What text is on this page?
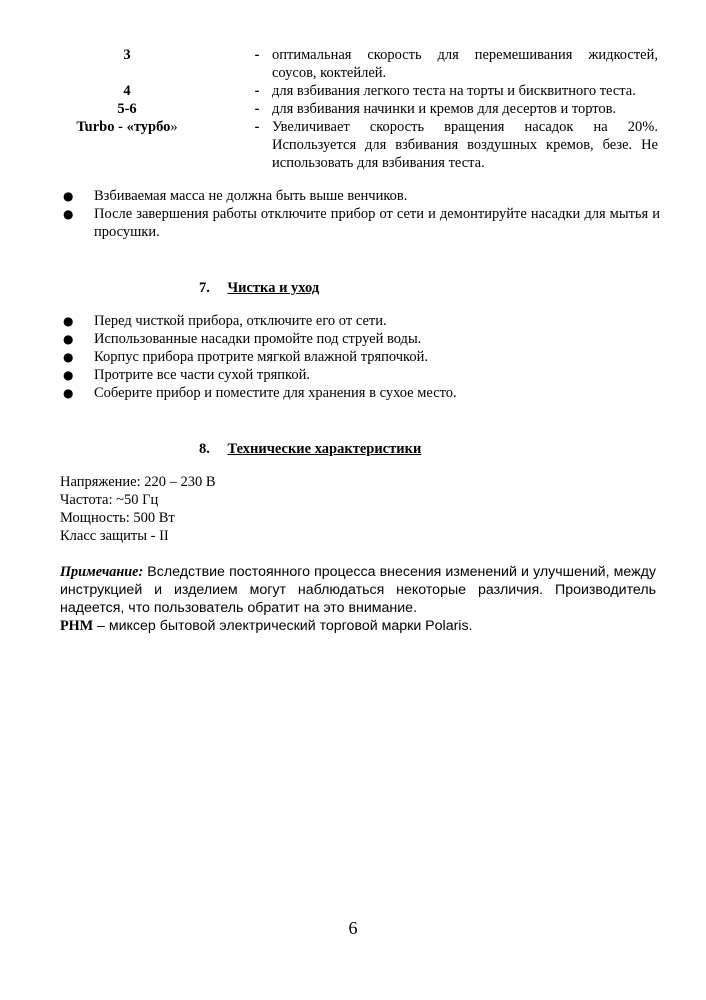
3	- оптимальная скорость для перемешивания жидкостей,
соусов, коктейлей.
4	- для взбивания легкого теста на торты и бисквитного теста.
5-6	- для взбивания начинки и кремов для десертов и тортов.
Turbo - «турбо»	- Увеличивает скорость вращения насадок на 20%.
Используется для взбивания воздушных кремов, безе. Не
использовать для взбивания теста.
●	Взбиваемая масса не должна быть выше венчиков.
●	После завершения работы отключите прибор от сети и демонтируйте насадки для мытья и просушки.
7. Чистка и уход
●	Перед чисткой прибора, отключите его от сети.
●	Использованные насадки промойте под струей воды.
●	Корпус прибора протрите мягкой влажной тряпочкой.
●	Протрите все части сухой тряпкой.
●	Соберите прибор и поместите для хранения в сухое место.
8. Технические характеристики
Напряжение: 220 – 230 В
Частота: ~50 Гц
Мощность: 500 Вт
Класс защиты - II
Примечание: Вследствие постоянного процесса внесения изменений и улучшений, между инструкцией и изделием могут наблюдаться некоторые различия. Производитель надеется, что пользователь обратит на это внимание.
РНМ – миксер бытовой электрический торговой марки Polaris.
6
